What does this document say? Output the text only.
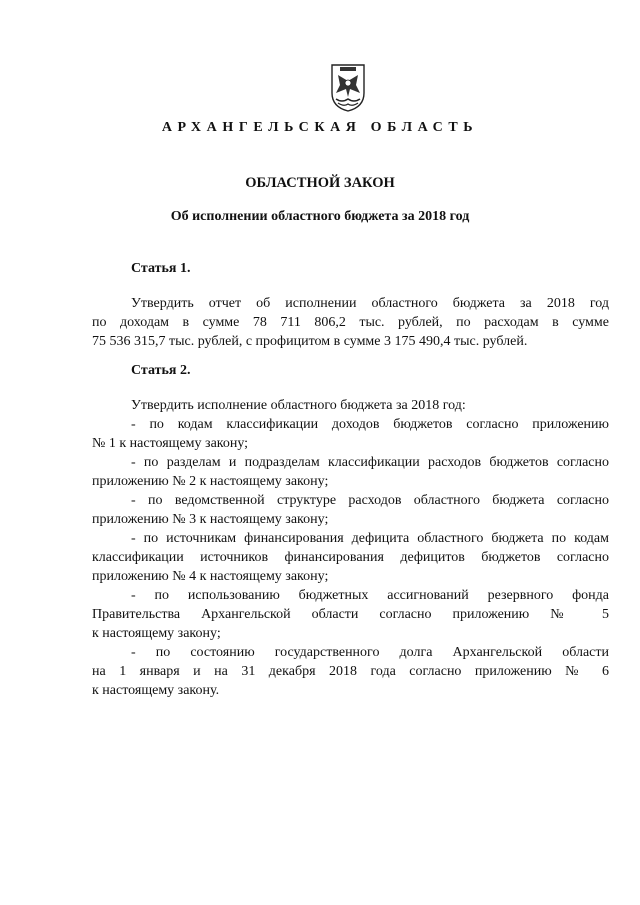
АРХАНГЕЛЬСКАЯ ОБЛАСТЬ
ОБЛАСТНОЙ ЗАКОН
Об исполнении областного бюджета за 2018 год
Статья 1.
Утвердить отчет об исполнении областного бюджета за 2018 год
по доходам в сумме 78 711 806,2 тыс. рублей, по расходам в сумме
75 536 315,7 тыс. рублей, с профицитом в сумме 3 175 490,4 тыс. рублей.
Статья 2.
Утвердить исполнение областного бюджета за 2018 год:
- по кодам классификации доходов бюджетов согласно приложению
№ 1 к настоящему закону;
- по разделам и подразделам классификации расходов бюджетов согласно
приложению № 2 к настоящему закону;
- по ведомственной структуре расходов областного бюджета согласно
приложению № 3 к настоящему закону;
- по источникам финансирования дефицита областного бюджета по кодам
классификации источников финансирования дефицитов бюджетов согласно
приложению № 4 к настоящему закону;
- по использованию бюджетных ассигнований резервного фонда
Правительства Архангельской области согласно приложению № 5
к настоящему закону;
- по состоянию государственного долга Архангельской области
на 1 января и на 31 декабря 2018 года согласно приложению № 6
к настоящему закону.
